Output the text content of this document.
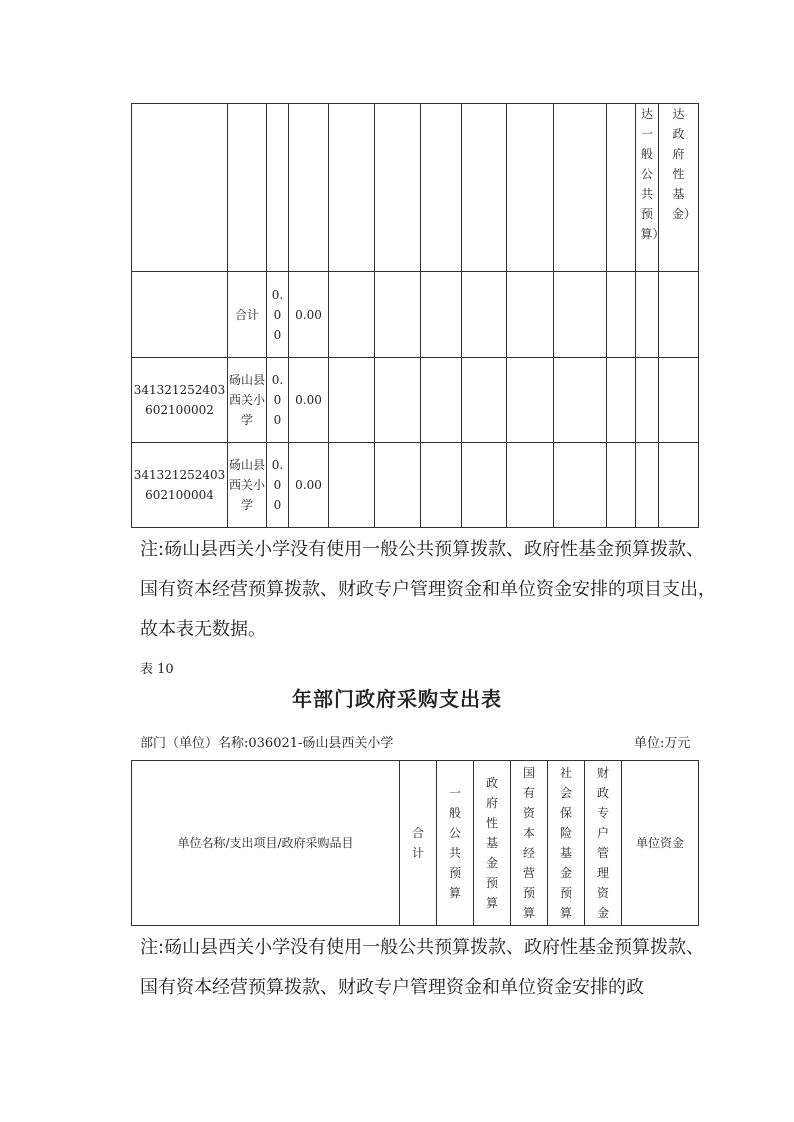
											达一般公共预算）	达政府性基金）
	合计	0.00	0.00									
341321252403602100002	砀山县西关小学	0.00	0.00									
341321252403602100004	砀山县西关小学	0.00	0.00									
注:砀山县西关小学没有使用一般公共预算拨款、政府性基金预算拨款、国有资本经营预算拨款、财政专户管理资金和单位资金安排的项目支出，故本表无数据。
表 10
年部门政府采购支出表
部门（单位）名称:036021-砀山县西关小学	单位:万元
单位名称/支出项目/政府采购品目	合计	一般公共预算	政府性基金预算	国有资本经营预算	社会保险基金预算	财政专户管理资金	单位资金
注:砀山县西关小学没有使用一般公共预算拨款、政府性基金预算拨款、国有资本经营预算拨款、财政专户管理资金和单位资金安排的政
